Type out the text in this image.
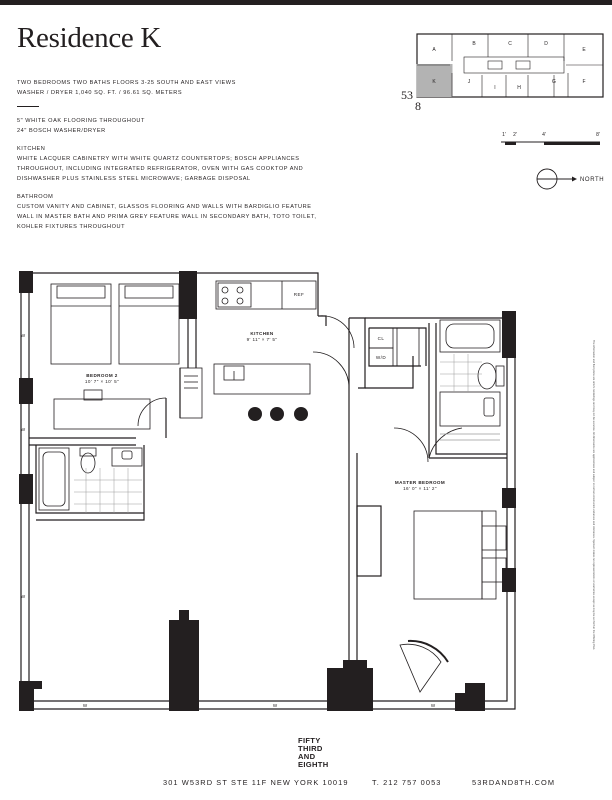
Residence K
TWO BEDROOMS TWO BATHS FLOORS 3-25 SOUTH AND EAST VIEWS
WASHER / DRYER 1,040 SQ. FT. / 96.61 SQ. METERS
5" WHITE OAK FLOORING THROUGHOUT
24" BOSCH WASHER/DRYER
KITCHEN
WHITE LACQUER CABINETRY WITH WHITE QUARTZ COUNTERTOPS; BOSCH APPLIANCES
THROUGHOUT, INCLUDING INTEGRATED REFRIGERATOR, OVEN WITH GAS COOKTOP AND
DISHWASHER PLUS STAINLESS STEEL MICROWAVE; GARBAGE DISPOSAL
BATHROOM
CUSTOM VANITY AND CABINET, GLASSOS FLOORING AND WALLS WITH BARDIGLIO FEATURE
WALL IN MASTER BATH AND PRIMA GREY FEATURE WALL IN SECONDARY BATH, TOTO TOILET,
KOHLER FIXTURES THROUGHOUT
A
B	C	D
E
K	J
I	H
G	F
53
8
1' 2'	4'	8'
NORTH
W
W
W
W	W	W
BEDROOM 2
10' 7" × 10' 5"
KITCHEN
9' 11" × 7' 5"
MASTER BEDROOM
16' 0" × 11' 2"
REF
CL
W/D	The information and floor plans are artist's renderings and may not be accurate. All dimensions are approximate and subject to normal construction variances and tolerances. Sponsor makes no representations or warranties except as may be set forth in the Offering Plan.
FIFTY
THIRD
AND
EIGHTH
301 W53RD ST STE 11F NEW YORK 10019	T. 212 757 0053	53RDAND8TH.COM
